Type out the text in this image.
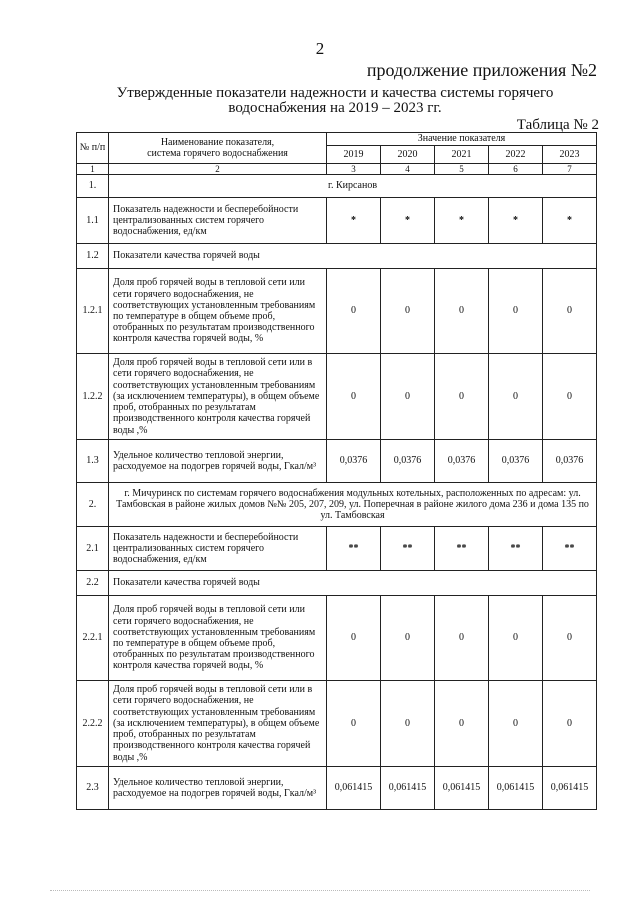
2
продолжение приложения №2
Утвержденные показатели надежности и качества системы горячего
водоснабжения на 2019 – 2023 гг.
Таблица № 2
№ п/п	Наименование показателя,
система горячего водоснабжения	Значение показателя				
		2019	2020	2021	2022	2023
1	2	3	4	5	6	7
1.	г. Кирсанов					
1.1	Показатель надежности и бесперебойности централизованных систем горячего водоснабжения, ед/км	*	*	*	*	*
1.2	Показатели качества горячей воды					
1.2.1	Доля проб горячей воды в тепловой сети или сети горячего водоснабжения, не соответствующих установленным требованиям по температуре в общем объеме проб, отобранных по результатам производственного контроля качества горячей воды, %	0	0	0	0	0
1.2.2	Доля проб горячей воды в тепловой сети или в сети горячего водоснабжения, не соответствующих установленным требованиям (за исключением температуры), в общем объеме проб, отобранных по результатам производственного контроля качества горячей воды ,%	0	0	0	0	0
1.3	Удельное количество тепловой энергии, расходуемое на подогрев горячей воды, Гкал/м³	0,0376	0,0376	0,0376	0,0376	0,0376
2.	г. Мичуринск по системам горячего водоснабжения модульных котельных, расположенных по адресам: ул. Тамбовская в районе жилых домов №№ 205, 207, 209, ул. Поперечная в районе жилого дома 236 и дома 135 по ул. Тамбовская					
2.1	Показатель надежности и бесперебойности централизованных систем горячего водоснабжения, ед/км	**	**	**	**	**
2.2	Показатели качества горячей воды					
2.2.1	Доля проб горячей воды в тепловой сети или сети горячего водоснабжения, не соответствующих установленным требованиям по температуре в общем объеме проб, отобранных по результатам производственного контроля качества горячей воды, %	0	0	0	0	0
2.2.2	Доля проб горячей воды в тепловой сети или в сети горячего водоснабжения, не соответствующих установленным требованиям (за исключением температуры), в общем объеме проб, отобранных по результатам производственного контроля качества горячей воды ,%	0	0	0	0	0
2.3	Удельное количество тепловой энергии, расходуемое на подогрев горячей воды, Гкал/м³	0,061415	0,061415	0,061415	0,061415	0,061415
